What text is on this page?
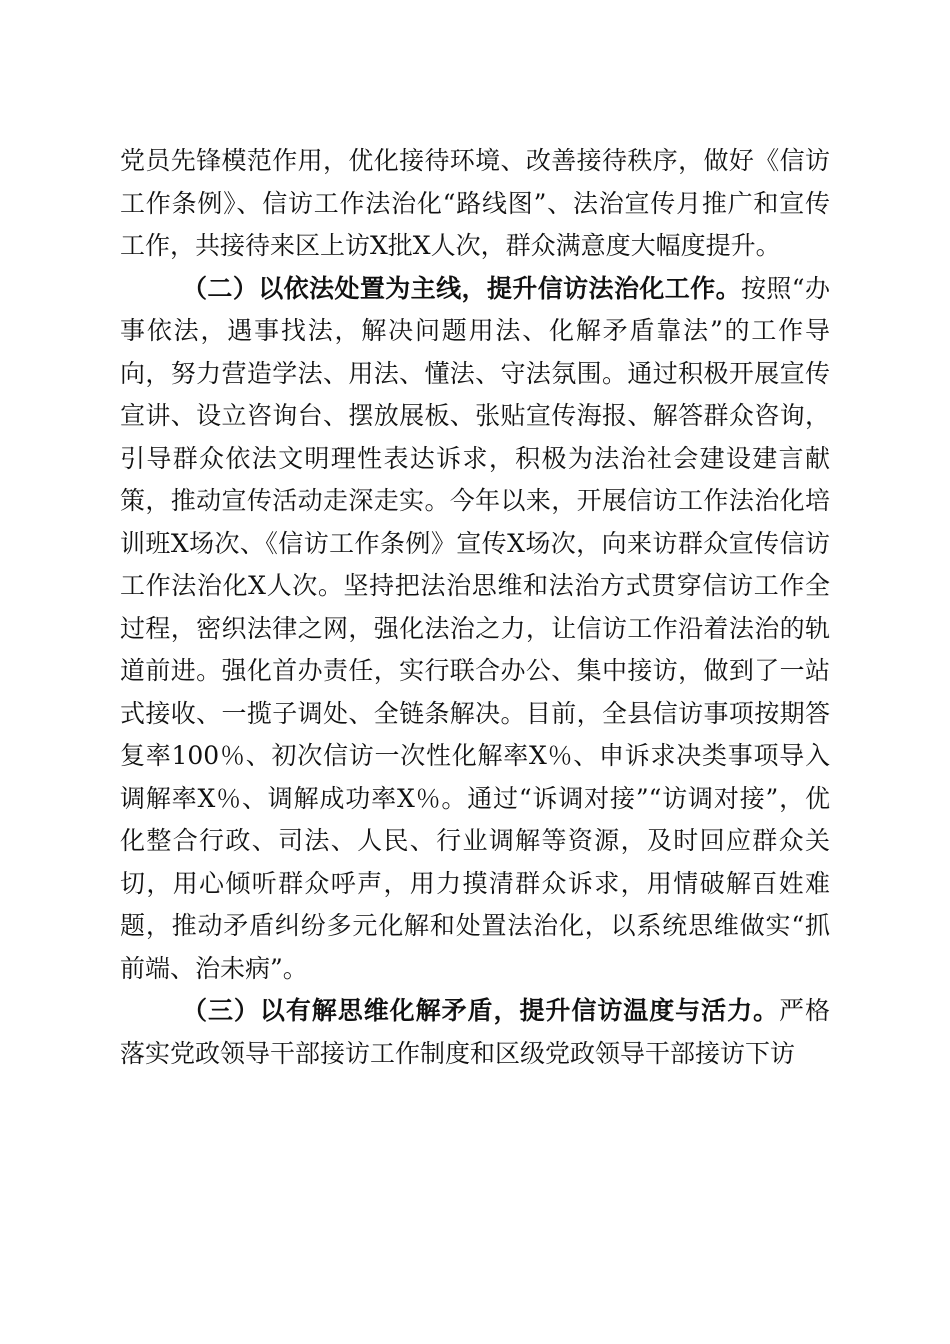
党员先锋模范作用，优化接待环境、改善接待秩序，做好《信访工作条例》、信访工作法治化“路线图”、法治宣传月推广和宣传工作，共接待来区上访X批X人次，群众满意度大幅度提升。

（二）以依法处置为主线，提升信访法治化工作。按照“办事依法，遇事找法，解决问题用法、化解矛盾靠法”的工作导向，努力营造学法、用法、懂法、守法氛围。通过积极开展宣传宣讲、设立咨询台、摆放展板、张贴宣传海报、解答群众咨询，引导群众依法文明理性表达诉求，积极为法治社会建设建言献策，推动宣传活动走深走实。今年以来，开展信访工作法治化培训班X场次、《信访工作条例》宣传X场次，向来访群众宣传信访工作法治化X人次。坚持把法治思维和法治方式贯穿信访工作全过程，密织法律之网，强化法治之力，让信访工作沿着法治的轨道前进。强化首办责任，实行联合办公、集中接访，做到了一站式接收、一揽子调处、全链条解决。目前，全县信访事项按期答复率100％、初次信访一次性化解率X％、申诉求决类事项导入调解率X％、调解成功率X％。通过“诉调对接”“访调对接”，优化整合行政、司法、人民、行业调解等资源，及时回应群众关切，用心倾听群众呼声，用力摸清群众诉求，用情破解百姓难题，推动矛盾纠纷多元化解和处置法治化，以系统思维做实“抓前端、治未病”。

（三）以有解思维化解矛盾，提升信访温度与活力。严格落实党政领导干部接访工作制度和区级党政领导干部接访下访
